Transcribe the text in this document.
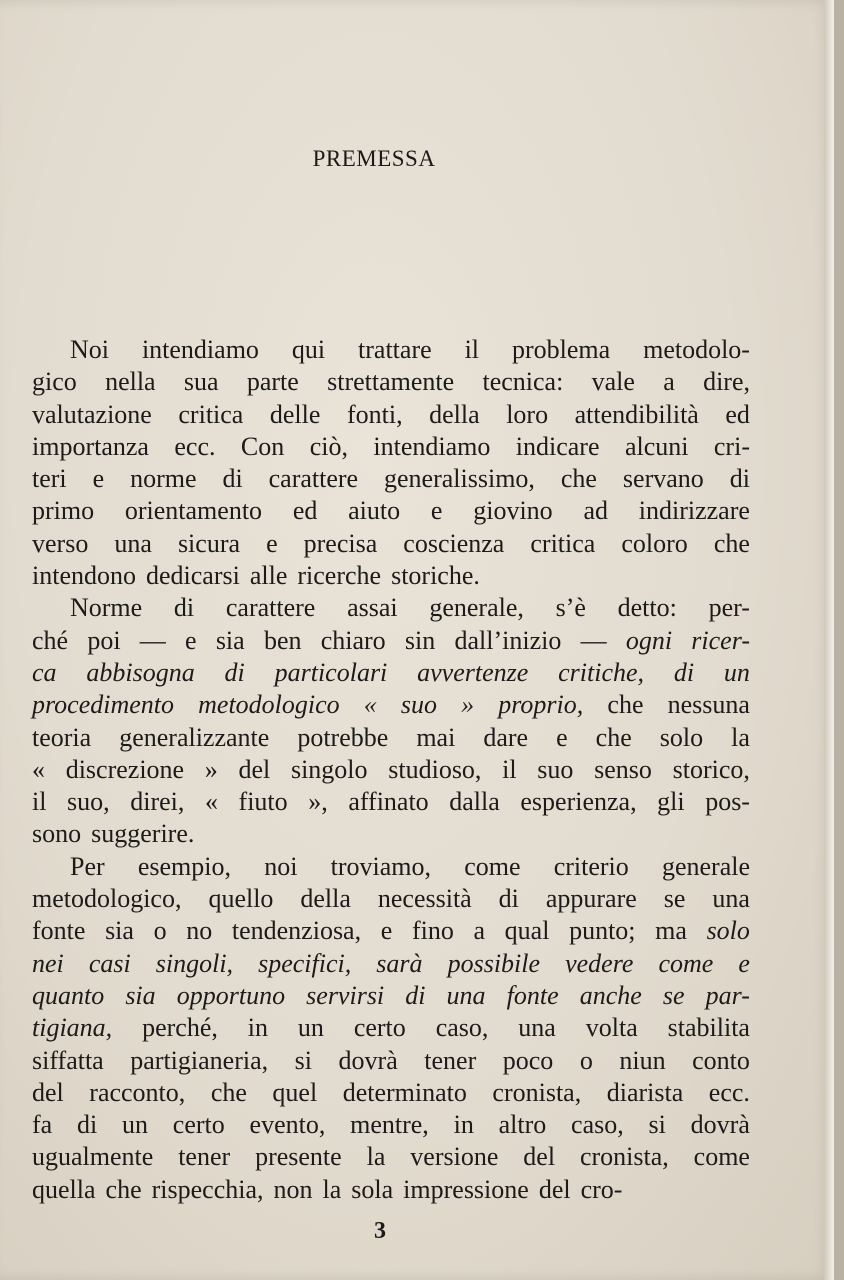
PREMESSA
Noi intendiamo qui trattare il problema metodolo-
gico nella sua parte strettamente tecnica: vale a dire,
valutazione critica delle fonti, della loro attendibilità ed
importanza ecc. Con ciò, intendiamo indicare alcuni cri-
teri e norme di carattere generalissimo, che servano di
primo orientamento ed aiuto e giovino ad indirizzare
verso una sicura e precisa coscienza critica coloro che
intendono dedicarsi alle ricerche storiche.
Norme di carattere assai generale, s’è detto: per-
ché poi — e sia ben chiaro sin dall’inizio — ogni ricer-
ca abbisogna di particolari avvertenze critiche, di un
procedimento metodologico « suo » proprio, che nessuna
teoria generalizzante potrebbe mai dare e che solo la
« discrezione » del singolo studioso, il suo senso storico,
il suo, direi, « fiuto », affinato dalla esperienza, gli pos-
sono suggerire.
Per esempio, noi troviamo, come criterio generale
metodologico, quello della necessità di appurare se una
fonte sia o no tendenziosa, e fino a qual punto; ma solo
nei casi singoli, specifici, sarà possibile vedere come e
quanto sia opportuno servirsi di una fonte anche se par-
tigiana, perché, in un certo caso, una volta stabilita
siffatta partigianeria, si dovrà tener poco o niun conto
del racconto, che quel determinato cronista, diarista ecc.
fa di un certo evento, mentre, in altro caso, si dovrà
ugualmente tener presente la versione del cronista, come
quella che rispecchia, non la sola impressione del cro-
3
